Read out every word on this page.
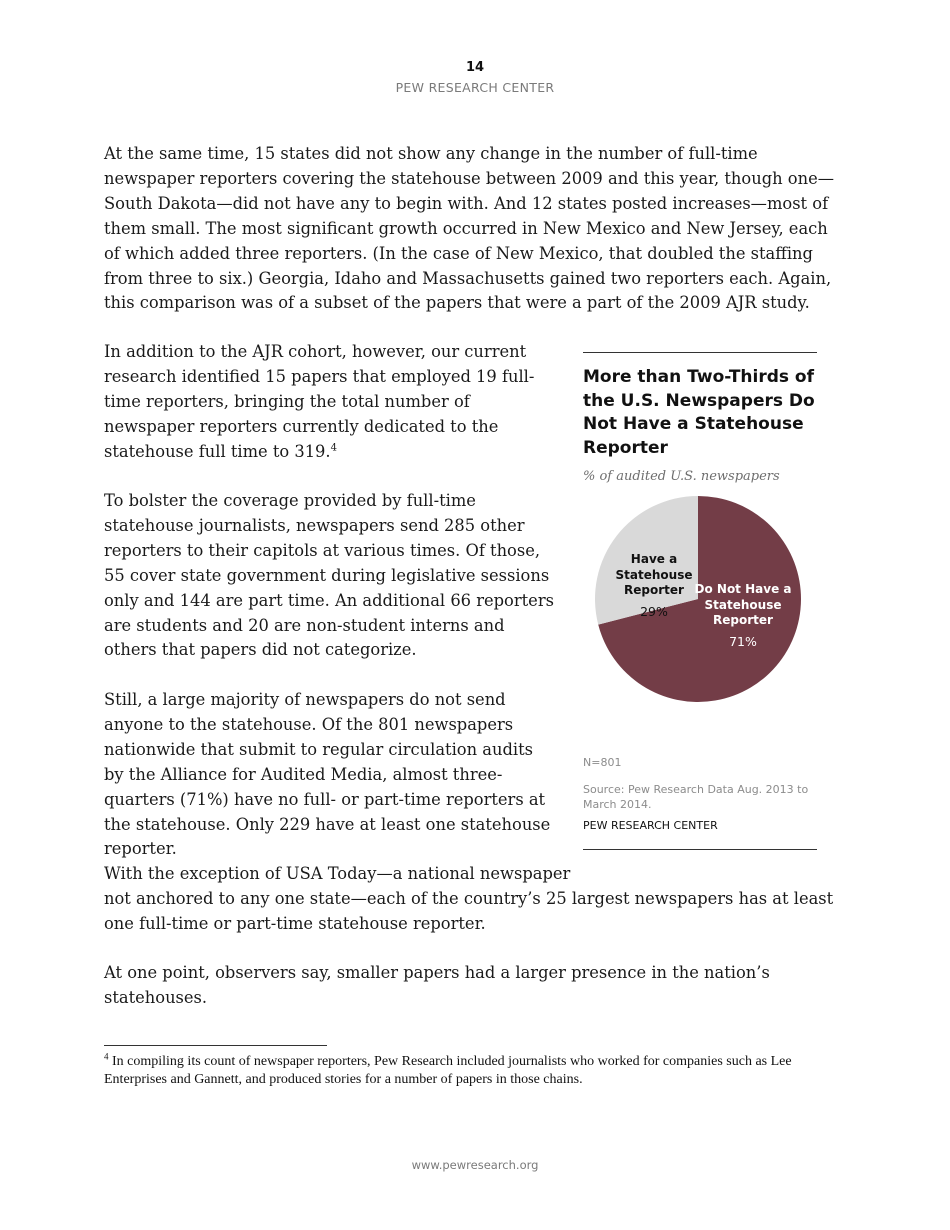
14
PEW RESEARCH CENTER

At the same time, 15 states did not show any change in the number of full-time newspaper reporters covering the statehouse between 2009 and this year, though one—South Dakota—did not have any to begin with. And 12 states posted increases—most of them small. The most significant growth occurred in New Mexico and New Jersey, each of which added three reporters. (In the case of New Mexico, that doubled the staffing from three to six.) Georgia, Idaho and Massachusetts gained two reporters each. Again, this comparison was of a subset of the papers that were a part of the 2009 AJR study.

In addition to the AJR cohort, however, our current research identified 15 papers that employed 19 full-time reporters, bringing the total number of newspaper reporters currently dedicated to the statehouse full time to 319.$^4$

To bolster the coverage provided by full-time statehouse journalists, newspapers send 285 other reporters to their capitols at various times. Of those, 55 cover state government during legislative sessions only and 144 are part time. An additional 66 reporters are students and 20 are non-student interns and others that papers did not categorize.

Still, a large majority of newspapers do not send anyone to the statehouse. Of the 801 newspapers nationwide that submit to regular circulation audits by the Alliance for Audited Media, almost three-quarters (71%) have no full- or part-time reporters at the statehouse. Only 229 have at least one statehouse reporter.

With the exception of USA Today—a national newspaper
not anchored to any one state—each of the country’s 25 largest newspapers has at least one full-time or part-time statehouse reporter.

At one point, observers say, smaller papers had a larger presence in the nation’s statehouses.

More than Two-Thirds of the U.S. Newspapers Do Not Have a Statehouse Reporter
% of audited U.S. newspapers
Have a Statehouse Reporter
29%
Do Not Have a Statehouse Reporter
71%
N=801
Source: Pew Research Data Aug. 2013 to March 2014.
PEW RESEARCH CENTER

$^4$ In compiling its count of newspaper reporters, Pew Research included journalists who worked for companies such as Lee Enterprises and Gannett, and produced stories for a number of papers in those chains.

www.pewresearch.org
